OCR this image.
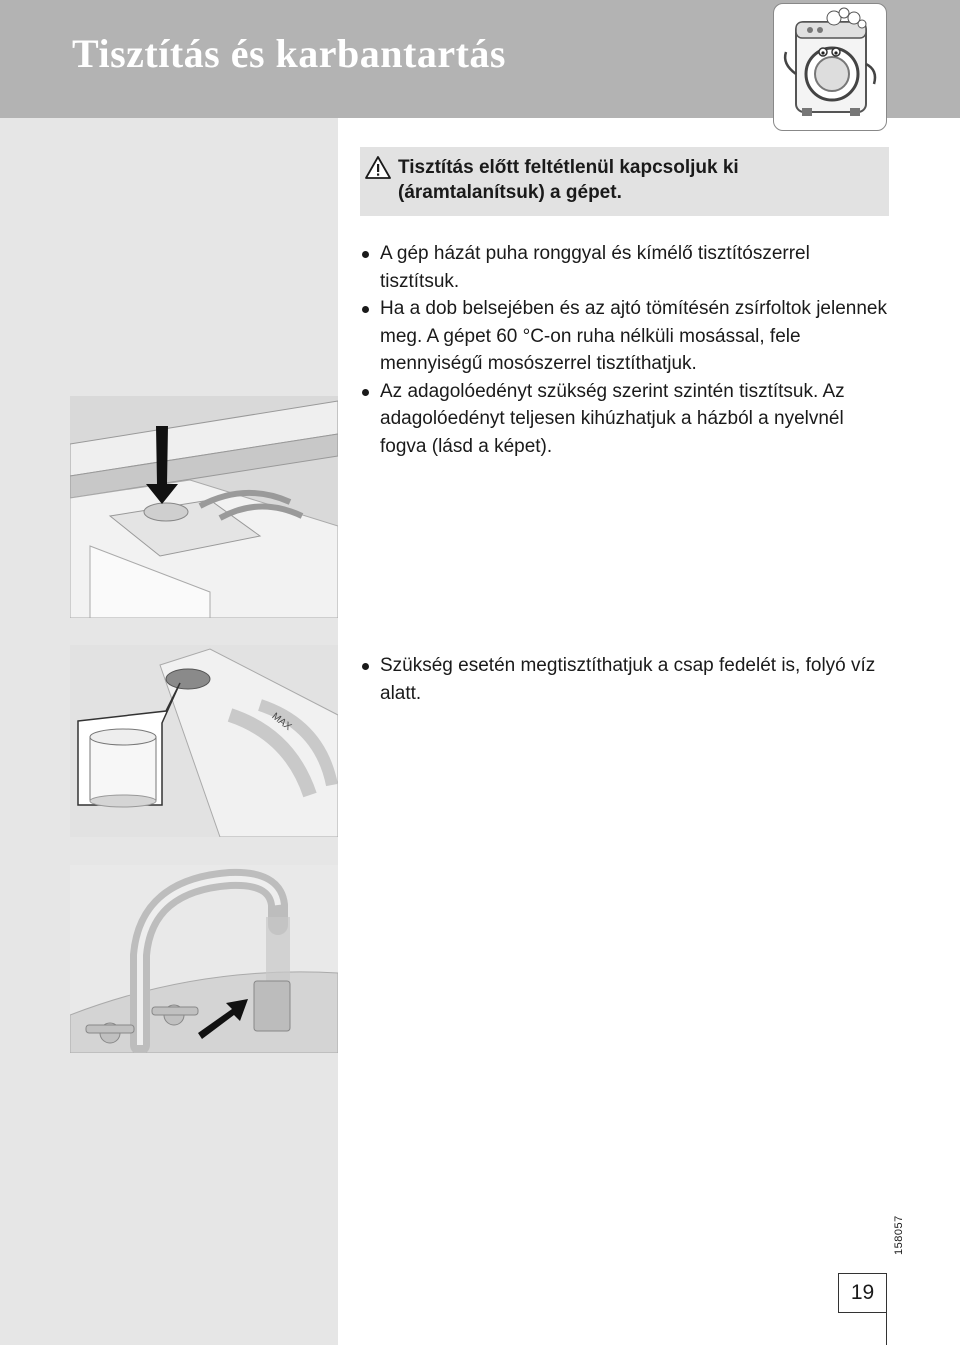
Tisztítás és karbantartás
MAX

Tisztítás előtt feltétlenül kapcsoljuk ki (áramtalanítsuk) a gépet.

A gép házát puha ronggyal és kímélő tisztítószerrel tisztítsuk.
Ha a dob belsejében és az ajtó tömítésén zsírfoltok jelennek meg. A gépet 60 °C-on ruha nélküli mosással, fele mennyiségű mosószerrel tisztíthatjuk.
Az adagolóedényt szükség szerint szintén tisztítsuk. Az adagolóedényt teljesen kihúzhatjuk a házból a nyelvnél fogva (lásd a képet).
Szükség esetén megtisztíthatjuk a csap fedelét is, folyó víz alatt.
158057
19
